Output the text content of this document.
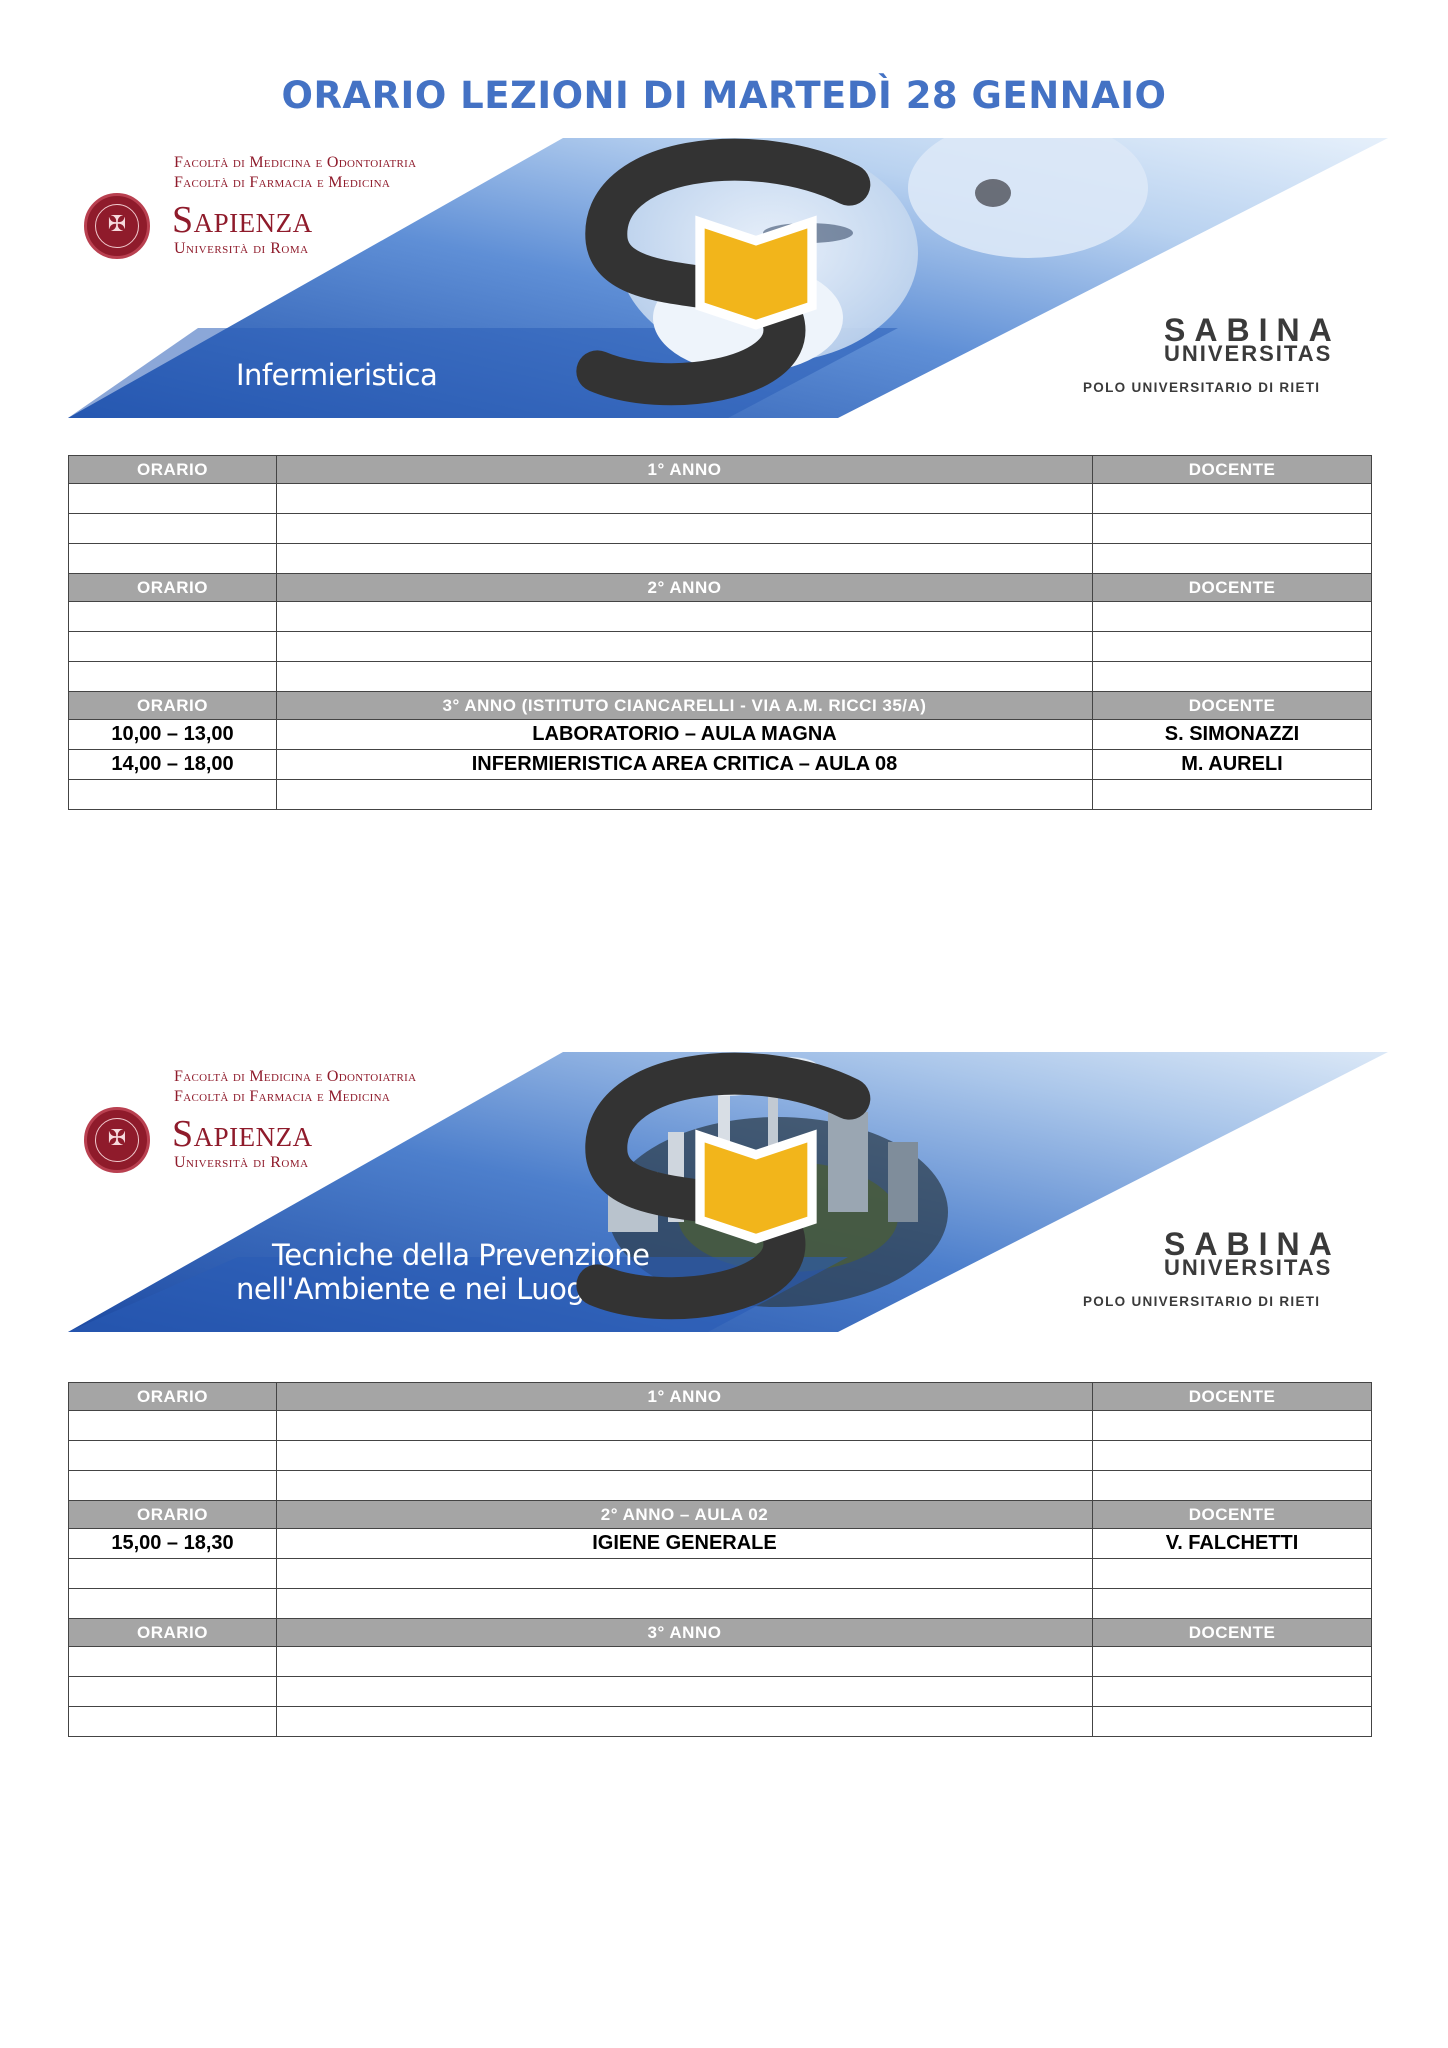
ORARIO LEZIONI DI MARTEDÌ 28 GENNAIO
✠
Facoltà di Medicina e Odontoiatria
Facoltà di Farmacia e Medicina
Sapienza
Università di Roma
Infermieristica
SABINA
UNIVERSITAS
POLO UNIVERSITARIO DI RIETI
ORARIO	1° ANNO	DOCENTE

ORARIO	2° ANNO	DOCENTE

ORARIO	3° ANNO (ISTITUTO CIANCARELLI - VIA A.M. RICCI 35/A)	DOCENTE
10,00 – 13,00	LABORATORIO – AULA MAGNA	S. SIMONAZZI
14,00 – 18,00	INFERMIERISTICA AREA CRITICA – AULA 08	M. AURELI

✠
Facoltà di Medicina e Odontoiatria
Facoltà di Farmacia e Medicina
Sapienza
Università di Roma
Tecniche della Prevenzione
nell'Ambiente e nei Luoghi di Lavoro
SABINA
UNIVERSITAS
POLO UNIVERSITARIO DI RIETI
ORARIO	1° ANNO	DOCENTE

ORARIO	2° ANNO – AULA 02	DOCENTE
15,00 – 18,30	IGIENE GENERALE	V. FALCHETTI

ORARIO	3° ANNO	DOCENTE
